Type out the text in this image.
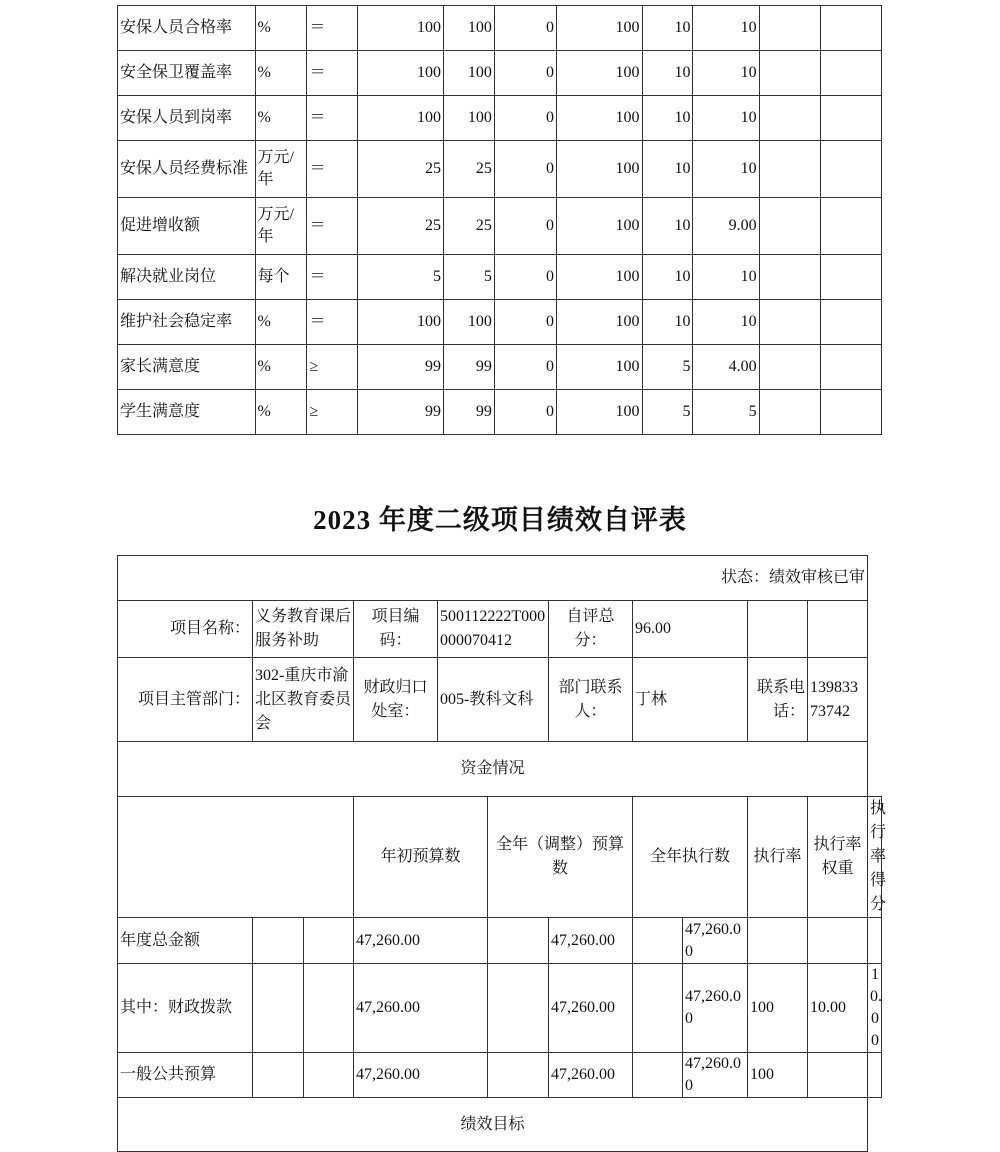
安保人员合格率	%	＝	100	100	0	100	10	10		
安全保卫覆盖率	%	＝	100	100	0	100	10	10		
安保人员到岗率	%	＝	100	100	0	100	10	10		
安保人员经费标准	万元/年	＝	25	25	0	100	10	10		
促进增收额	万元/年	＝	25	25	0	100	10	9.00		
解决就业岗位	每个	＝	5	5	0	100	10	10		
维护社会稳定率	%	＝	100	100	0	100	10	10		
家长满意度	%	≥	99	99	0	100	5	4.00		
学生满意度	%	≥	99	99	0	100	5	5		
2023 年度二级项目绩效自评表
状态：绩效审核已审											
项目名称：	义务教育课后服务补助		项目编码：	500112222T000000070412		自评总分：	96.00				
项目主管部门：	302-重庆市渝北区教育委员会		财政归口处室：	005-教科文科		部门联系人：	丁林		联系电话：	13983373742	
资金情况											
			年初预算数		全年（调整）预算数		全年执行数		执行率	执行率权重	执行率得分
年度总金额			47,260.00			47,260.00		47,260.00			
其中：财政拨款			47,260.00			47,260.00		47,260.00	100	10.00	10.00
一般公共预算			47,260.00			47,260.00		47,260.00	100		
绩效目标											
